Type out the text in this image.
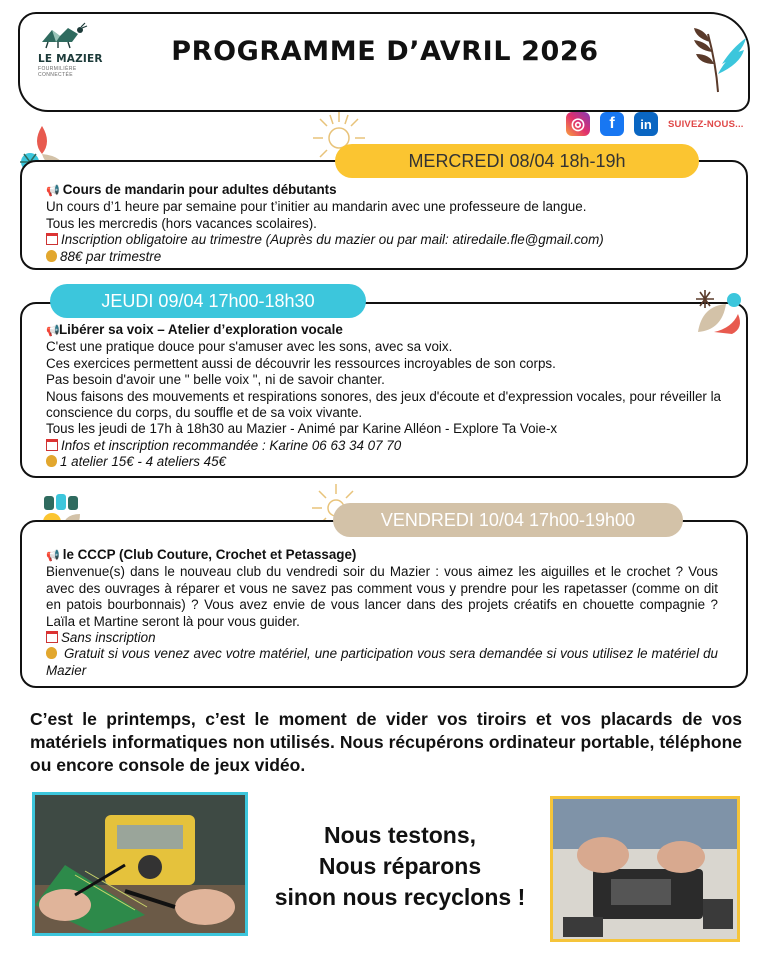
LE MAZIER
FOURMILIÈRE CONNECTÉE
PROGRAMME D’AVRIL 2026
◎	f	in	SUIVEZ-NOUS...
MERCREDI 08/04 18h-19h
📢 Cours de mandarin pour adultes débutants
Un cours d’1 heure par semaine pour t’initier au mandarin avec une professeure de langue.
Tous les mercredis (hors vacances scolaires).
Inscription obligatoire au trimestre (Auprès du mazier ou par mail: atiredaile.fle@gmail.com)
88€ par trimestre
JEUDI 09/04 17h00-18h30
📢Libérer sa voix – Atelier d’exploration vocale
C'est une pratique douce pour s'amuser avec les sons, avec sa voix.
Ces exercices permettent aussi de découvrir les ressources incroyables de son corps.
Pas besoin d'avoir une " belle voix ", ni de savoir chanter.
Nous faisons des mouvements et respirations sonores, des jeux d'écoute et d'expression vocales, pour réveiller la conscience du corps, du souffle et de sa voix vivante.
Tous les jeudi de 17h à 18h30 au Mazier - Animé par Karine Alléon - Explore Ta Voie-x
Infos et inscription recommandée : Karine 06 63 34 07 70
1 atelier 15€ - 4 ateliers 45€
VENDREDI 10/04 17h00-19h00
📢 le CCCP (Club Couture, Crochet et Petassage)
Bienvenue(s) dans le nouveau club du vendredi soir du Mazier : vous aimez les aiguilles et le crochet ? Vous avec des ouvrages à réparer et vous ne savez pas comment vous y prendre pour les rapetasser (comme on dit en patois bourbonnais) ? Vous avez envie de vous lancer dans des projets créatifs en chouette compagnie ? Laïla et Martine seront là pour vous guider.
Sans inscription
Gratuit si vous venez avec votre matériel, une participation vous sera demandée si vous utilisez le matériel du Mazier
C’est le printemps, c’est le moment de vider vos tiroirs et vos placards de vos matériels informatiques non utilisés. Nous récupérons ordinateur portable, téléphone ou encore console de jeux vidéo.
Nous testons,
Nous réparons
sinon nous recyclons !
